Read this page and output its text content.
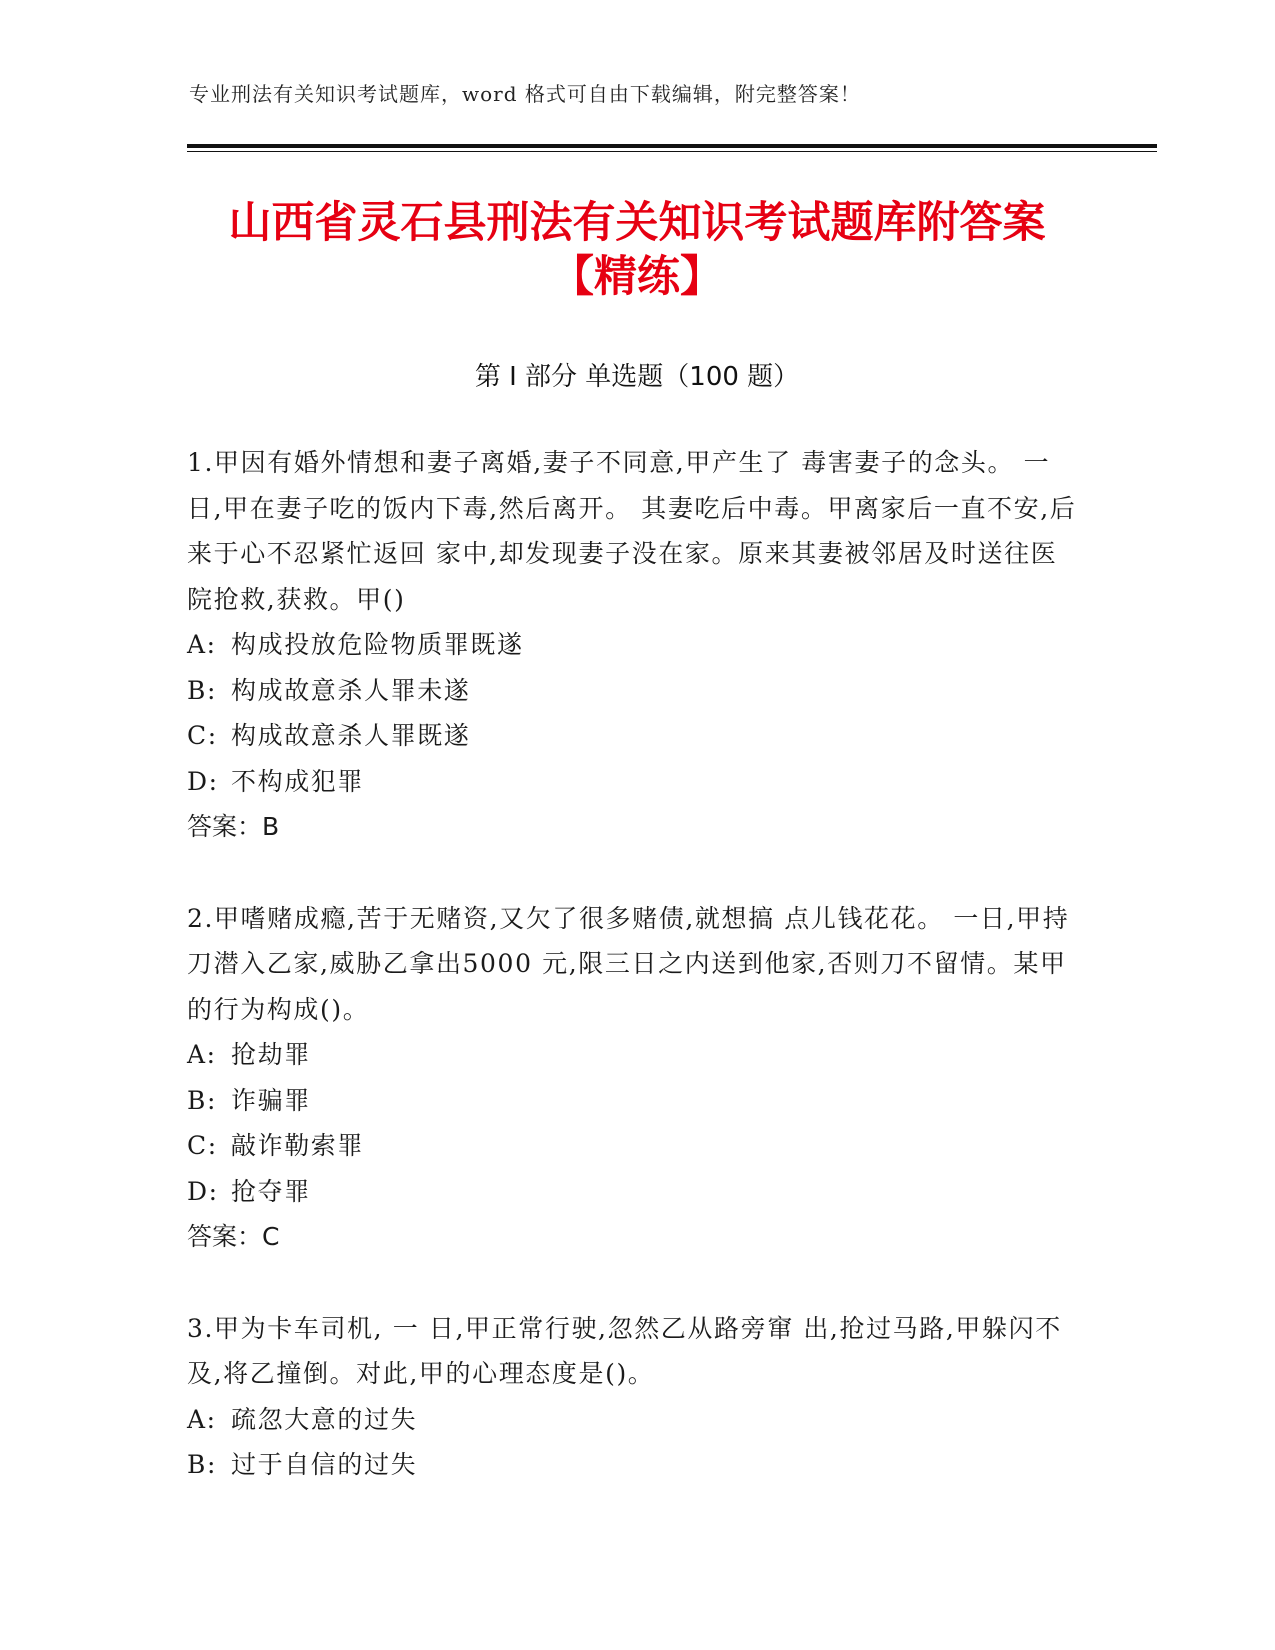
专业刑法有关知识考试题库，word 格式可自由下载编辑，附完整答案！
山西省灵石县刑法有关知识考试题库附答案
【精练】
第 I 部分 单选题（100 题）

1.甲因有婚外情想和妻子离婚,妻子不同意,甲产生了 毒害妻子的念头。 一 日,甲在妻子吃的饭内下毒,然后离开。 其妻吃后中毒。甲离家后一直不安,后来于心不忍紧忙返回 家中,却发现妻子没在家。原来其妻被邻居及时送往医院抢救,获救。甲()

A: 构成投放危险物质罪既遂

B: 构成故意杀人罪未遂

C: 构成故意杀人罪既遂

D: 不构成犯罪

答案：B

2.甲嗜赌成瘾,苦于无赌资,又欠了很多赌债,就想搞 点儿钱花花。 一日,甲持刀潜入乙家,威胁乙拿出5000 元,限三日之内送到他家,否则刀不留情。某甲的行为构成()。

A: 抢劫罪

B: 诈骗罪

C: 敲诈勒索罪

D: 抢夺罪

答案：C

3.甲为卡车司机, 一 日,甲正常行驶,忽然乙从路旁窜 出,抢过马路,甲躲闪不及,将乙撞倒。对此,甲的心理态度是()。

A: 疏忽大意的过失

B: 过于自信的过失
